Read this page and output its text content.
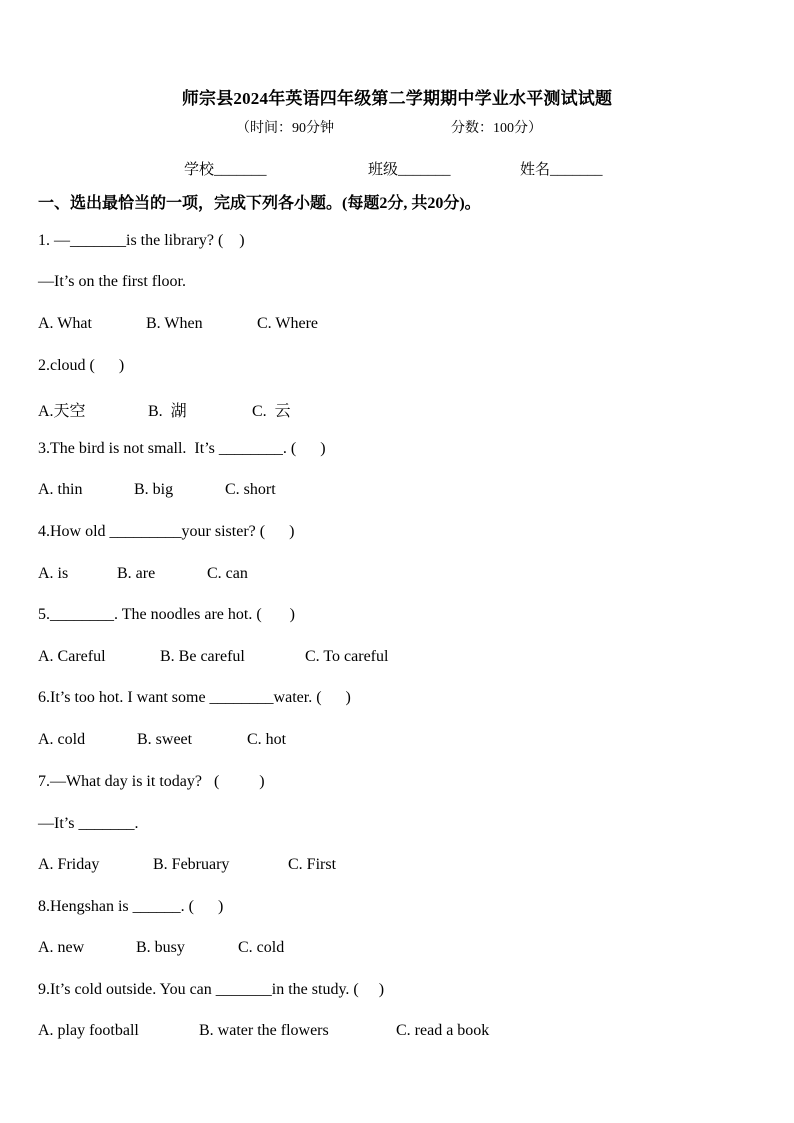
师宗县2024年英语四年级第二学期期中学业水平测试试题
（时间：90分钟	分数：100分）
学校_______	班级_______	姓名_______
一、选出最恰当的一项，完成下列各小题。(每题2分, 共20分)。
1. —_______is the library? (    )
—It’s on the first floor.
A. What	B. When	C. Where
2.cloud (      )
A.天空	B.  湖	C.  云
3.The bird is not small.  It’s ________. (      )
A. thin	B. big	C. short
4.How old _________your sister? (      )
A. is	B. are	C. can
5.________. The noodles are hot. (       )
A. Careful	B. Be careful	C. To careful
6.It’s too hot. I want some ________water. (      )
A. cold	B. sweet	C. hot
7.—What day is it today?   (          )
—It’s _______.
A. Friday	B. February	C. First
8.Hengshan is ______. (      )
A. new	B. busy	C. cold
9.It’s cold outside. You can _______in the study. (     )
A. play football	B. water the flowers	C. read a book
